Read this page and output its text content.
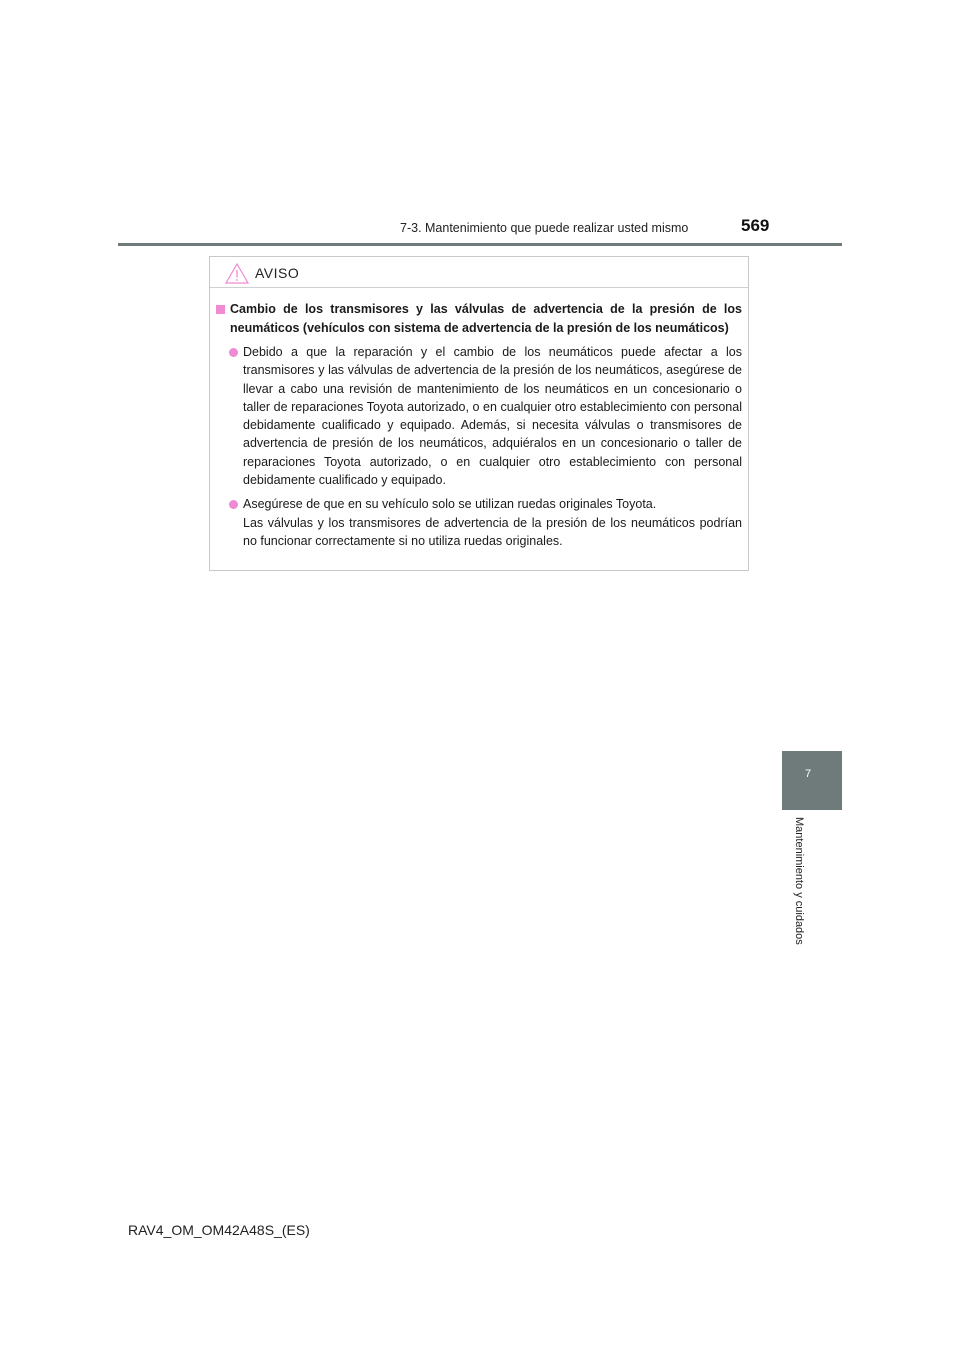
7-3. Mantenimiento que puede realizar usted mismo	569
AVISO
Cambio de los transmisores y las válvulas de advertencia de la presión de los neumáticos (vehículos con sistema de advertencia de la presión de los neumáticos)
Debido a que la reparación y el cambio de los neumáticos puede afectar a los transmisores y las válvulas de advertencia de la presión de los neumáticos, asegúrese de llevar a cabo una revisión de mantenimiento de los neumáticos en un concesionario o taller de reparaciones Toyota autorizado, o en cualquier otro establecimiento con personal debidamente cualificado y equipado. Además, si necesita válvulas o transmisores de advertencia de presión de los neumáticos, adquiéralos en un concesionario o taller de reparaciones Toyota autorizado, o en cualquier otro establecimiento con personal debidamente cualificado y equipado.
Asegúrese de que en su vehículo solo se utilizan ruedas originales Toyota.
Las válvulas y los transmisores de advertencia de la presión de los neumáticos podrían no funcionar correctamente si no utiliza ruedas originales.
7
Mantenimiento y cuidados
RAV4_OM_OM42A48S_(ES)
